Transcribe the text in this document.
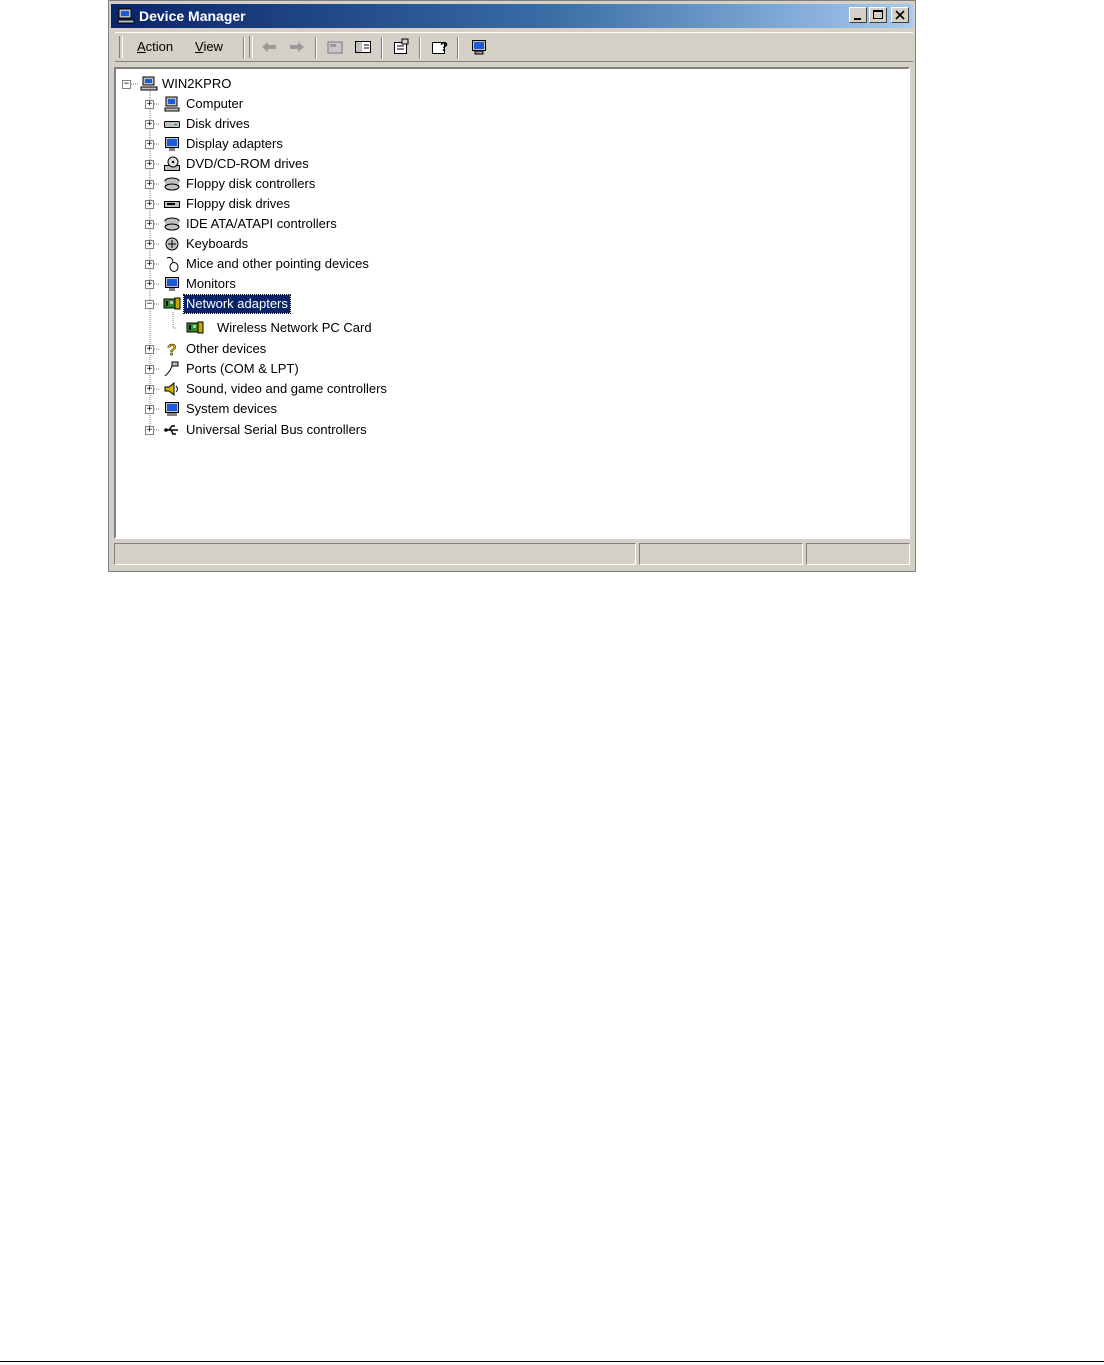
Device Manager
Action View	?
−	WIN2KPRO
+	Computer
+	Disk drives
+	Display adapters
+	DVD/CD-ROM drives
+	Floppy disk controllers
+	Floppy disk drives
+	IDE ATA/ATAPI controllers
+	Keyboards
+	Mice and other pointing devices
+	Monitors
−	Network adapters
Wireless Network PC Card
+ ? Other devices
+	Ports (COM & LPT)
+	Sound, video and game controllers
+	System devices
+	Universal Serial Bus controllers
